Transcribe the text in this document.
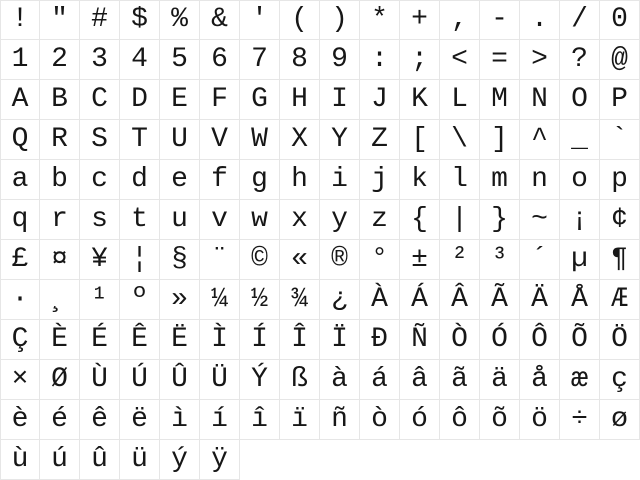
! " # $ % & ' ( ) * + , - . / 0
1 2 3 4 5 6 7 8 9 : ; < = > ? @
A B C D E F G H I J K L M N O P
Q R S T U V W X Y Z [ \ ] ^ _ `
a b c d e f g h i j k l m n o p
q r s t u v w x y z { | } ~ ¡ ¢
£ ¤ ¥ ¦ § ¨ © « ® ° ± ² ³ ´ µ ¶
· ¸ ¹ º » ¼ ½ ¾ ¿ À Á Â Ã Ä Å Æ
Ç È É Ê Ë Ì Í Î Ï Ð Ñ Ò Ó Ô Õ Ö
× Ø Ù Ú Û Ü Ý ß à á â ã ä å æ ç
è é ê ë ì í î ï ñ ò ó ô õ ö ÷ ø
ù ú û ü ý ÿ
